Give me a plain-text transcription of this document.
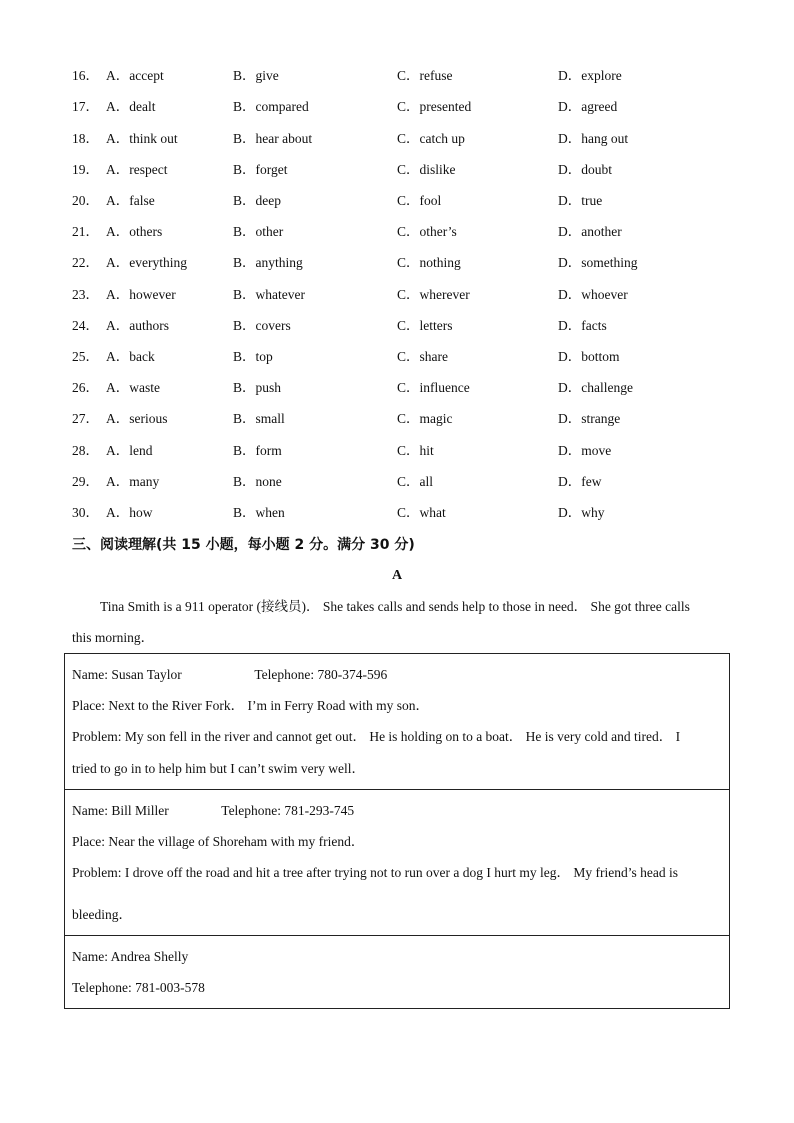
16． A．accept	B．give	C．refuse	D．explore
17． A．dealt	B．compared	C．presented	D．agreed
18． A．think out	B．hear about	C．catch up	D．hang out
19． A．respect	B．forget	C．dislike	D．doubt
20． A．false	B．deep	C．fool	D．true
21． A．others	B．other	C．other’s	D．another
22． A．everything	B．anything	C．nothing	D．something
23． A．however	B．whatever	C．wherever	D．whoever
24． A．authors	B．covers	C．letters	D．facts
25． A．back	B．top	C．share	D．bottom
26． A．waste	B．push	C．influence	D．challenge
27． A．serious	B．small	C．magic	D．strange
28． A．lend	B．form	C．hit	D．move
29． A．many	B．none	C．all	D．few
30． A．how	B．when	C．what	D．why
三、阅读理解(共 15 小题，每小题 2 分。满分 30 分)
A
Tina Smith is a 911 operator (接线员)． She takes calls and sends help to those in need． She got three calls
this morning．
Name: Susan Taylor	Telephone: 780-374-596
Place: Next to the River Fork． I’m in Ferry Road with my son．
Problem: My son fell in the river and cannot get out． He is holding on to a boat． He is very cold and tired． I
tried to go in to help him but I can’t swim very well．
Name: Bill Miller	Telephone: 781-293-745
Place: Near the village of Shoreham with my friend．
Problem: I drove off the road and hit a tree after trying not to run over a dog I hurt my leg． My friend’s head is
bleeding．
Name: Andrea Shelly
Telephone: 781-003-578
